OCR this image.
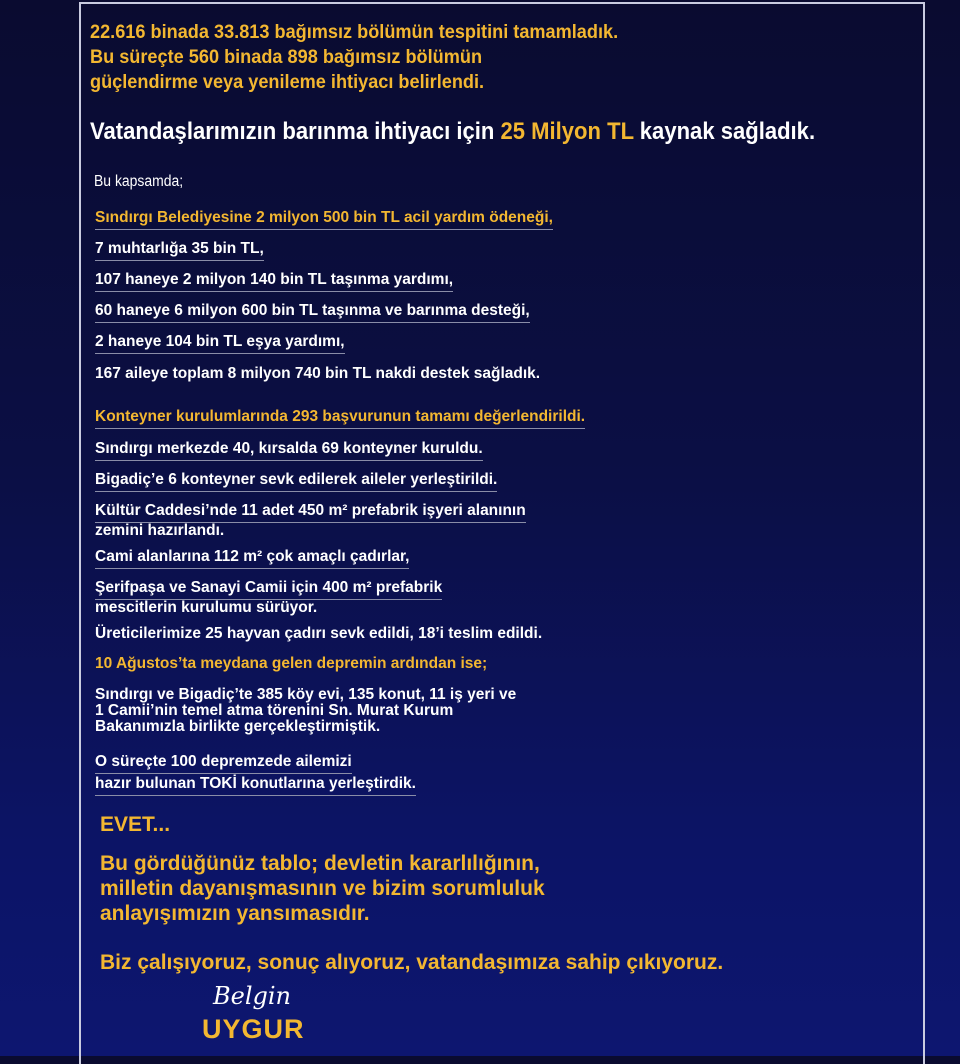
22.616 binada 33.813 bağımsız bölümün tespitini tamamladık.
Bu süreçte 560 binada 898 bağımsız bölümün
güçlendirme veya yenileme ihtiyacı belirlendi.
Vatandaşlarımızın barınma ihtiyacı için 25 Milyon TL kaynak sağladık.
Bu kapsamda;
Sındırgı Belediyesine 2 milyon 500 bin TL acil yardım ödeneği,
7 muhtarlığa 35 bin TL,
107 haneye 2 milyon 140 bin TL taşınma yardımı,
60 haneye 6 milyon 600 bin TL taşınma ve barınma desteği,
2 haneye 104 bin TL eşya yardımı,
167 aileye toplam 8 milyon 740 bin TL nakdi destek sağladık.
Konteyner kurulumlarında 293 başvurunun tamamı değerlendirildi.
Sındırgı merkezde 40, kırsalda 69 konteyner kuruldu.
Bigadiç’e 6 konteyner sevk edilerek aileler yerleştirildi.
Kültür Caddesi’nde 11 adet 450 m² prefabrik işyeri alanının
zemini hazırlandı.
Cami alanlarına 112 m² çok amaçlı çadırlar,
Şerifpaşa ve Sanayi Camii için 400 m² prefabrik
mescitlerin kurulumu sürüyor.
Üreticilerimize 25 hayvan çadırı sevk edildi, 18’i teslim edildi.
10 Ağustos’ta meydana gelen depremin ardından ise;
Sındırgı ve Bigadiç’te 385 köy evi, 135 konut, 11 iş yeri ve
1 Camii’nin temel atma törenini Sn. Murat Kurum
Bakanımızla birlikte gerçekleştirmiştik.
O süreçte 100 depremzede ailemizi
hazır bulunan TOKİ konutlarına yerleştirdik.
EVET...
Bu gördüğünüz tablo; devletin kararlılığının,
milletin dayanışmasının ve bizim sorumluluk
anlayışımızın yansımasıdır.
Biz çalışıyoruz, sonuç alıyoruz, vatandaşımıza sahip çıkıyoruz.
Belgin
UYGUR
